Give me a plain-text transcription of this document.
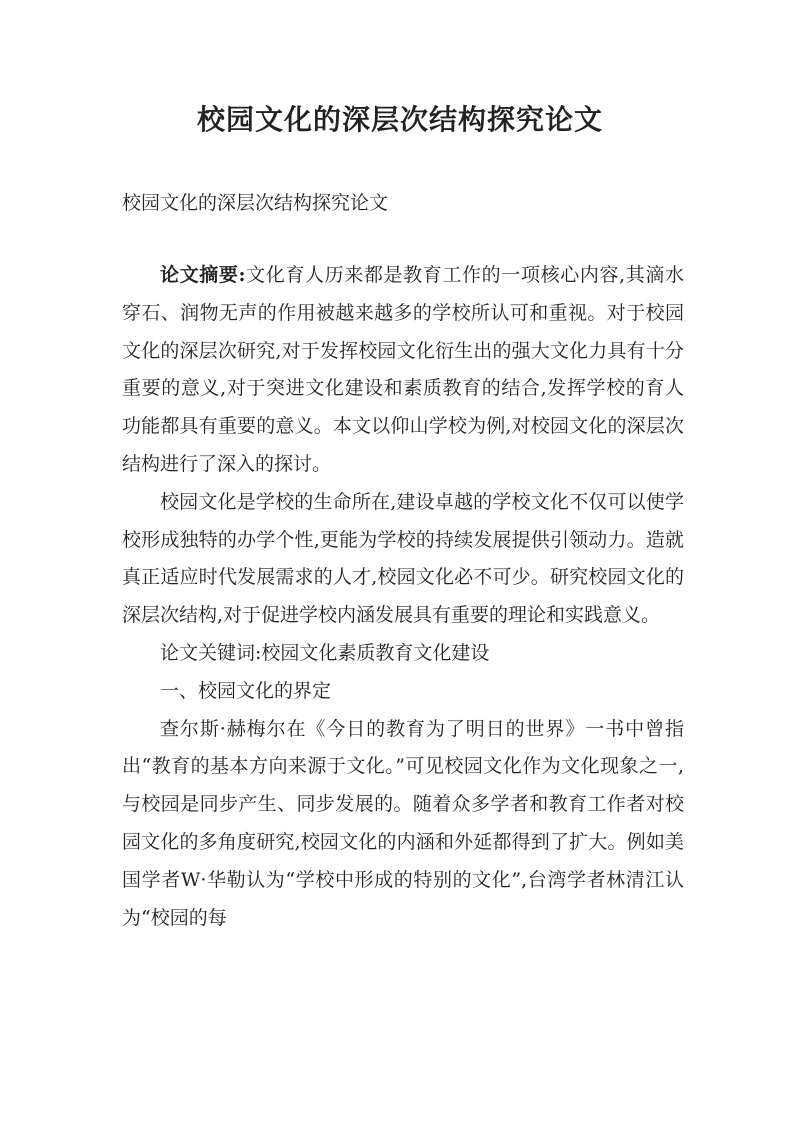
校园文化的深层次结构探究论文

校园文化的深层次结构探究论文

论文摘要:文化育人历来都是教育工作的一项核心内容,其滴水穿石、润物无声的作用被越来越多的学校所认可和重视。对于校园文化的深层次研究,对于发挥校园文化衍生出的强大文化力具有十分重要的意义,对于突进文化建设和素质教育的结合,发挥学校的育人功能都具有重要的意义。本文以仰山学校为例,对校园文化的深层次结构进行了深入的探讨。

校园文化是学校的生命所在,建设卓越的学校文化不仅可以使学校形成独特的办学个性,更能为学校的持续发展提供引领动力。造就真正适应时代发展需求的人才,校园文化必不可少。研究校园文化的深层次结构,对于促进学校内涵发展具有重要的理论和实践意义。

论文关键词:校园文化素质教育文化建设

一、校园文化的界定

查尔斯·赫梅尔在《今日的教育为了明日的世界》一书中曾指出“教育的基本方向来源于文化。”可见校园文化作为文化现象之一,与校园是同步产生、同步发展的。随着众多学者和教育工作者对校园文化的多角度研究,校园文化的内涵和外延都得到了扩大。例如美国学者W·华勒认为“学校中形成的特别的文化”,台湾学者林清江认为“校园的每
